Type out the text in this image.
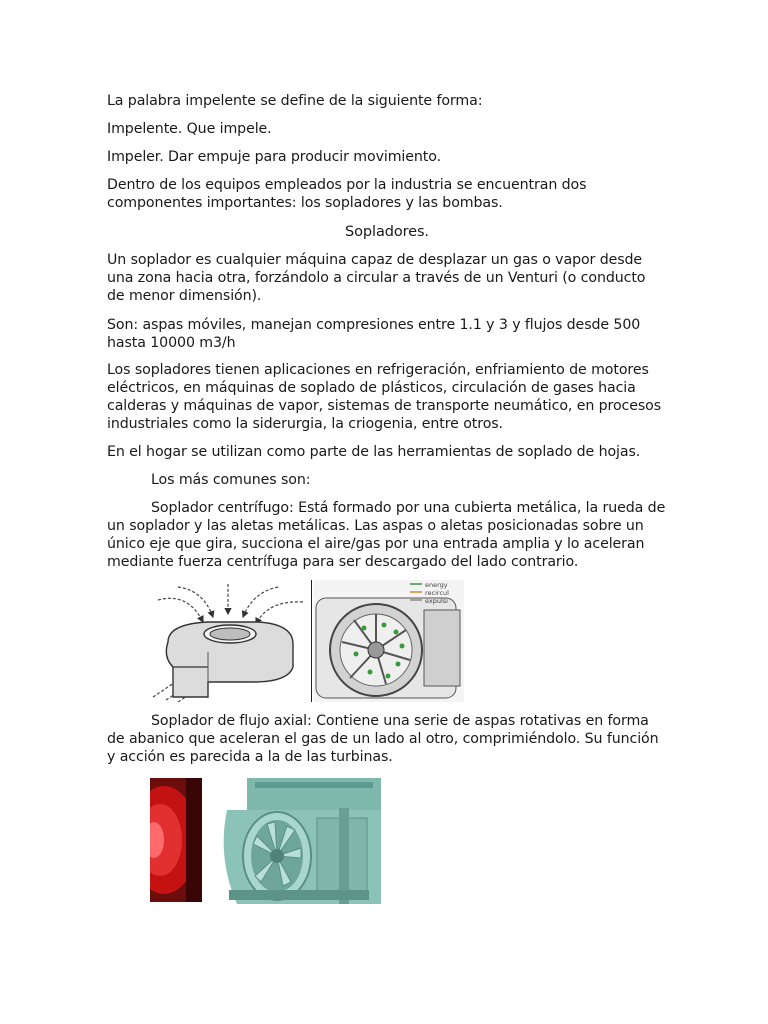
La palabra impelente se define de la siguiente forma:

Impelente. Que impele.

Impeler. Dar empuje para producir movimiento.

Dentro de los equipos empleados por la industria se encuentran dos componentes importantes: los sopladores y las bombas.

Sopladores.

Un soplador es cualquier máquina capaz de desplazar un gas o vapor desde una zona hacia otra, forzándolo a circular a través de un Venturi (o conducto de menor dimensión).

Son: aspas móviles, manejan compresiones entre 1.1 y 3 y flujos desde 500 hasta 10000 m3/h

Los sopladores tienen aplicaciones en refrigeración, enfriamiento de motores eléctricos, en máquinas de soplado de plásticos, circulación de gases hacia calderas y máquinas de vapor, sistemas de transporte neumático, en procesos industriales como la siderurgia, la criogenia, entre otros.

En el hogar se utilizan como parte de las herramientas de soplado de hojas.

Los más comunes son:

Soplador centrífugo: Está formado por una cubierta metálica, la rueda de un soplador y las aletas metálicas. Las aspas o aletas posicionadas sobre un único eje que gira, succiona el aire/gas por una entrada amplia y lo aceleran mediante fuerza centrífuga para ser descargado del lado contrario.

energy
recircul
expulsi

Soplador de flujo axial: Contiene una serie de aspas rotativas en forma de abanico que aceleran el gas de un lado al otro, comprimiéndolo. Su función y acción es parecida a la de las turbinas.
